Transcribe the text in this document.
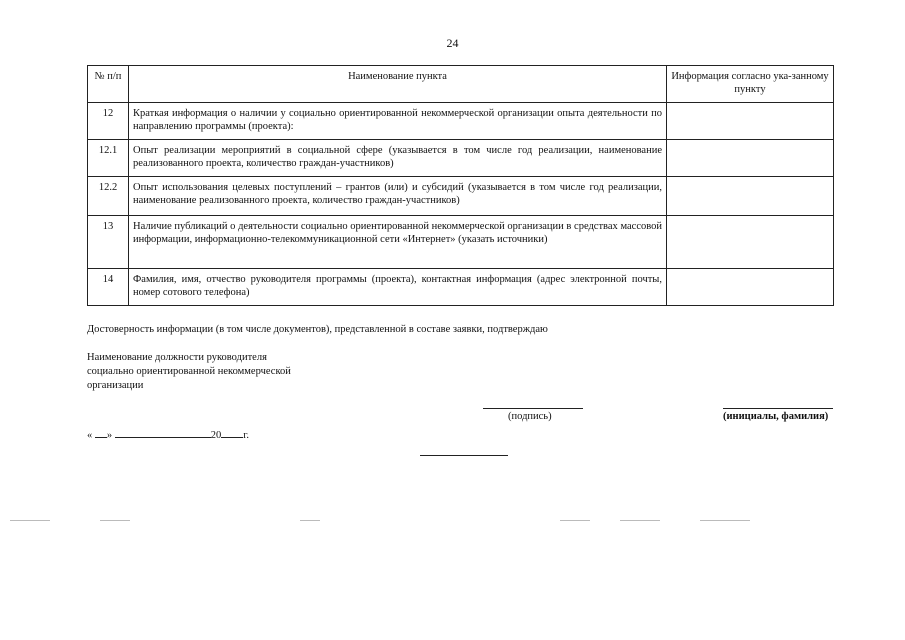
24
№ п/п	Наименование пункта	Информация согласно ука-занному пункту
12	Краткая информация о наличии у социально ориентированной некоммерческой организации опыта деятельности по направлению программы (проекта):	
12.1	Опыт реализации мероприятий в социальной сфере (указывается в том числе год реализации, наименование реализованного проекта, количество граждан-участников)	
12.2	Опыт использования целевых поступлений – грантов (или) и субсидий (указывается в том числе год реализации, наименование реализованного проекта, количество граждан-участников)	
13	Наличие публикаций о деятельности социально ориентированной некоммерческой организации в средствах массовой информации, информационно-телекоммуникационной сети «Интернет» (указать источники)	
14	Фамилия, имя, отчество руководителя программы (проекта), контактная информация (адрес электронной почты, номер сотового телефона)	
Достоверность информации (в том числе документов), представленной в составе заявки, подтверждаю
Наименование должности руководителя социально ориентированной некоммерческой организации
(подпись)	(инициалы, фамилия)
« »	20 г.
